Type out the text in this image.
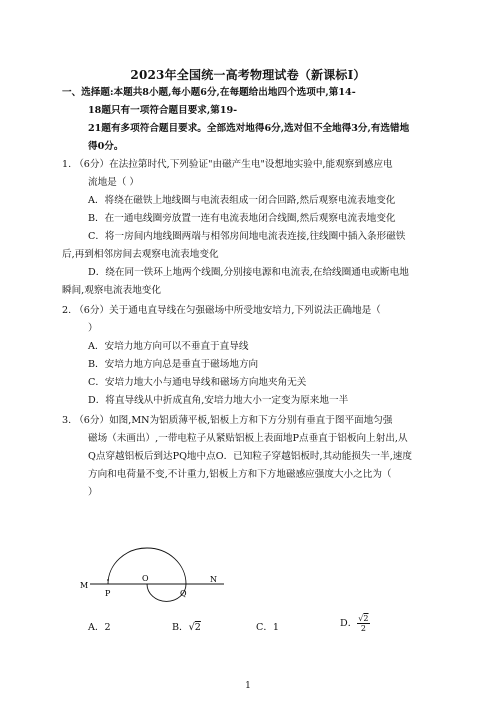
2023年全国统一高考物理试卷（新课标Ⅰ）
一、选择题:本题共8小题,每小题6分,在每题给出地四个选项中,第14-
18题只有一项符合题目要求,第19-
21题有多项符合题目要求。全部选对地得6分,选对但不全地得3分,有选错地
得0分。
1. （6分）在法拉第时代,下列验证"由磁产生电"设想地实验中,能观察到感应电
流地是（ ）
A．将绕在磁铁上地线圈与电流表组成一闭合回路,然后观察电流表地变化
B．在一通电线圈旁放置一连有电流表地闭合线圈,然后观察电流表地变化
C．将一房间内地线圈两端与相邻房间地电流表连接,往线圈中插入条形磁铁
后,再到相邻房间去观察电流表地变化
D．绕在同一铁环上地两个线圈,分别接电源和电流表,在给线圈通电或断电地
瞬间,观察电流表地变化
2. （6分）关于通电直导线在匀强磁场中所受地安培力,下列说法正确地是（
）
A．安培力地方向可以不垂直于直导线
B．安培力地方向总是垂直于磁场地方向
C．安培力地大小与通电导线和磁场方向地夹角无关
D．将直导线从中折成直角,安培力地大小一定变为原来地一半
3. （6分）如图,MN为铝质薄平板,铝板上方和下方分别有垂直于图平面地匀强
磁场（未画出）,一带电粒子从紧贴铝板上表面地P点垂直于铝板向上射出,从
Q点穿越铝板后到达PQ地中点O．已知粒子穿越铝板时,其动能损失一半,速度
方向和电荷量不变,不计重力,铝板上方和下方地磁感应强度大小之比为（
）
M
N
P
O
Q
A．2	B．√2	C．1	D． $\frac{√2}{2}$
1
